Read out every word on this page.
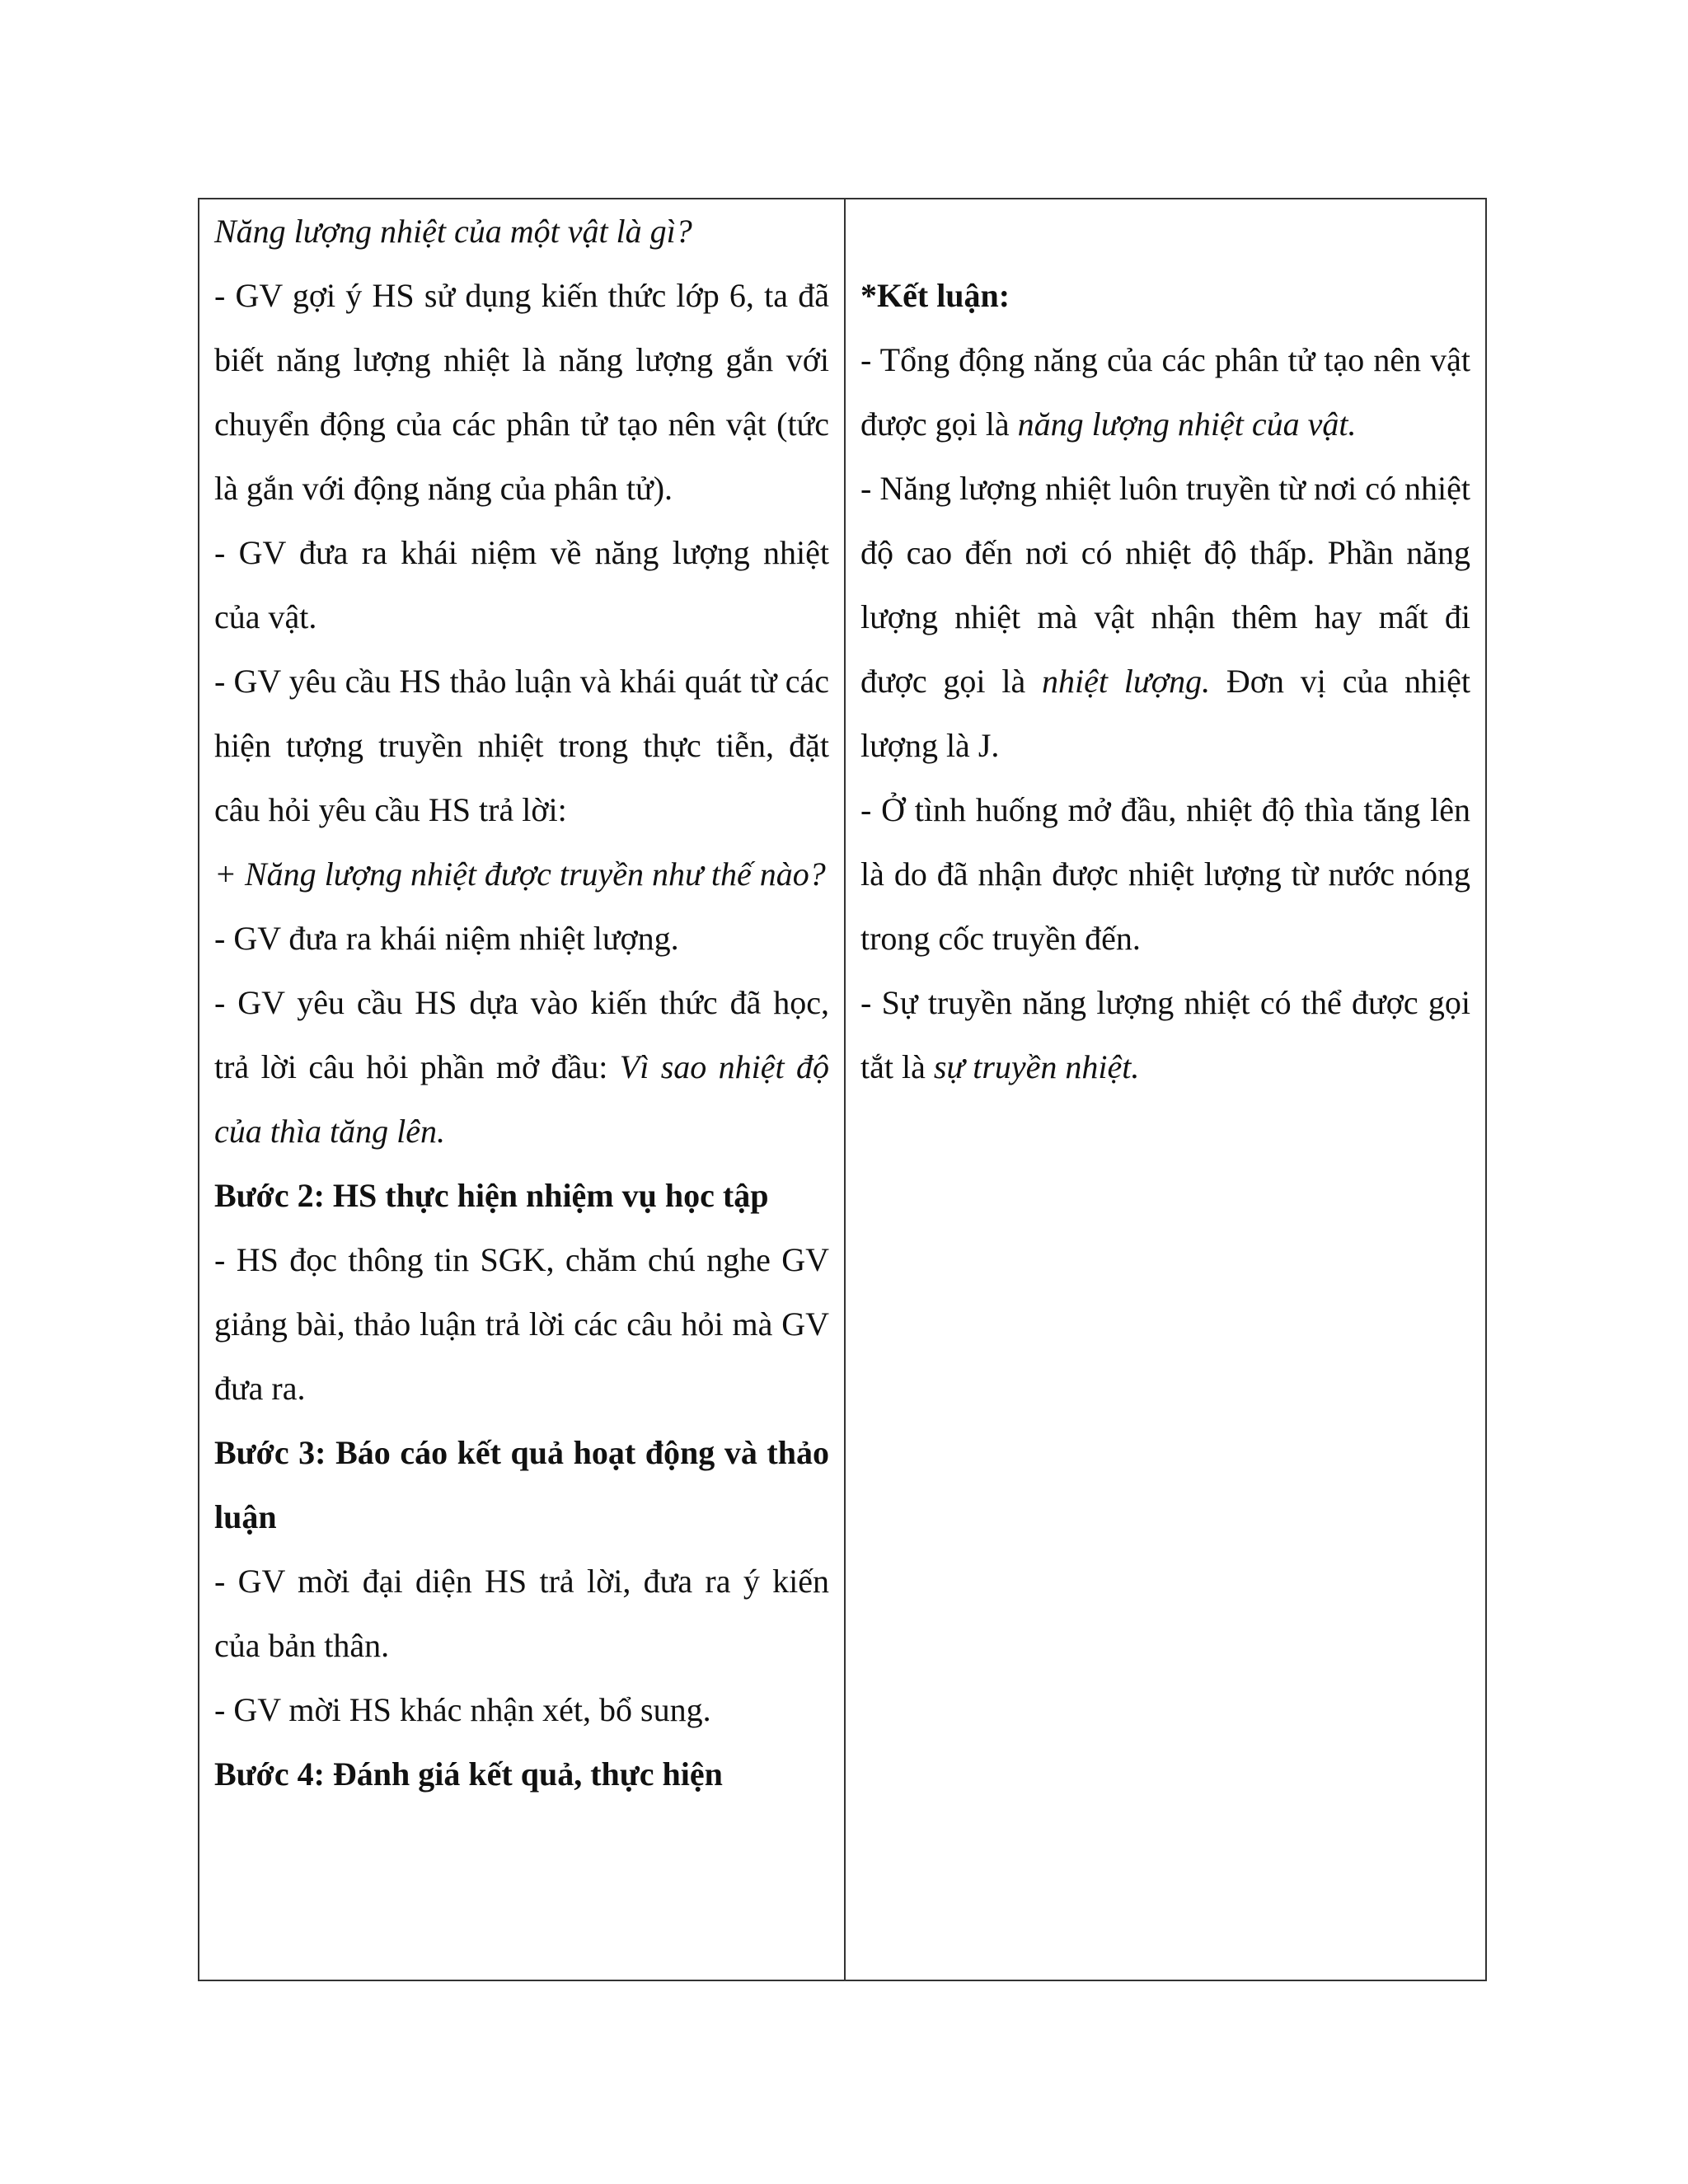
Năng lượng nhiệt của một vật là gì?

- GV gợi ý HS sử dụng kiến thức lớp 6, ta đã biết năng lượng nhiệt là năng lượng gắn với chuyển động của các phân tử tạo nên vật (tức là gắn với động năng của phân tử).

- GV đưa ra khái niệm về năng lượng nhiệt của vật.

- GV yêu cầu HS thảo luận và khái quát từ các hiện tượng truyền nhiệt trong thực tiễn, đặt câu hỏi yêu cầu HS trả lời:

+ Năng lượng nhiệt được truyền như thế nào?

- GV đưa ra khái niệm nhiệt lượng.

- GV yêu cầu HS dựa vào kiến thức đã học, trả lời câu hỏi phần mở đầu: Vì sao nhiệt độ của thìa tăng lên.

Bước 2: HS thực hiện nhiệm vụ học tập

- HS đọc thông tin SGK, chăm chú nghe GV giảng bài, thảo luận trả lời các câu hỏi mà GV đưa ra.

Bước 3: Báo cáo kết quả hoạt động và thảo luận

- GV mời đại diện HS trả lời, đưa ra ý kiến của bản thân.

- GV mời HS khác nhận xét, bổ sung.

Bước 4: Đánh giá kết quả, thực hiện

*Kết luận:

- Tổng động năng của các phân tử tạo nên vật được gọi là năng lượng nhiệt của vật.

- Năng lượng nhiệt luôn truyền từ nơi có nhiệt độ cao đến nơi có nhiệt độ thấp. Phần năng lượng nhiệt mà vật nhận thêm hay mất đi được gọi là nhiệt lượng. Đơn vị của nhiệt lượng là J.

- Ở tình huống mở đầu, nhiệt độ thìa tăng lên là do đã nhận được nhiệt lượng từ nước nóng trong cốc truyền đến.

- Sự truyền năng lượng nhiệt có thể được gọi tắt là sự truyền nhiệt.
